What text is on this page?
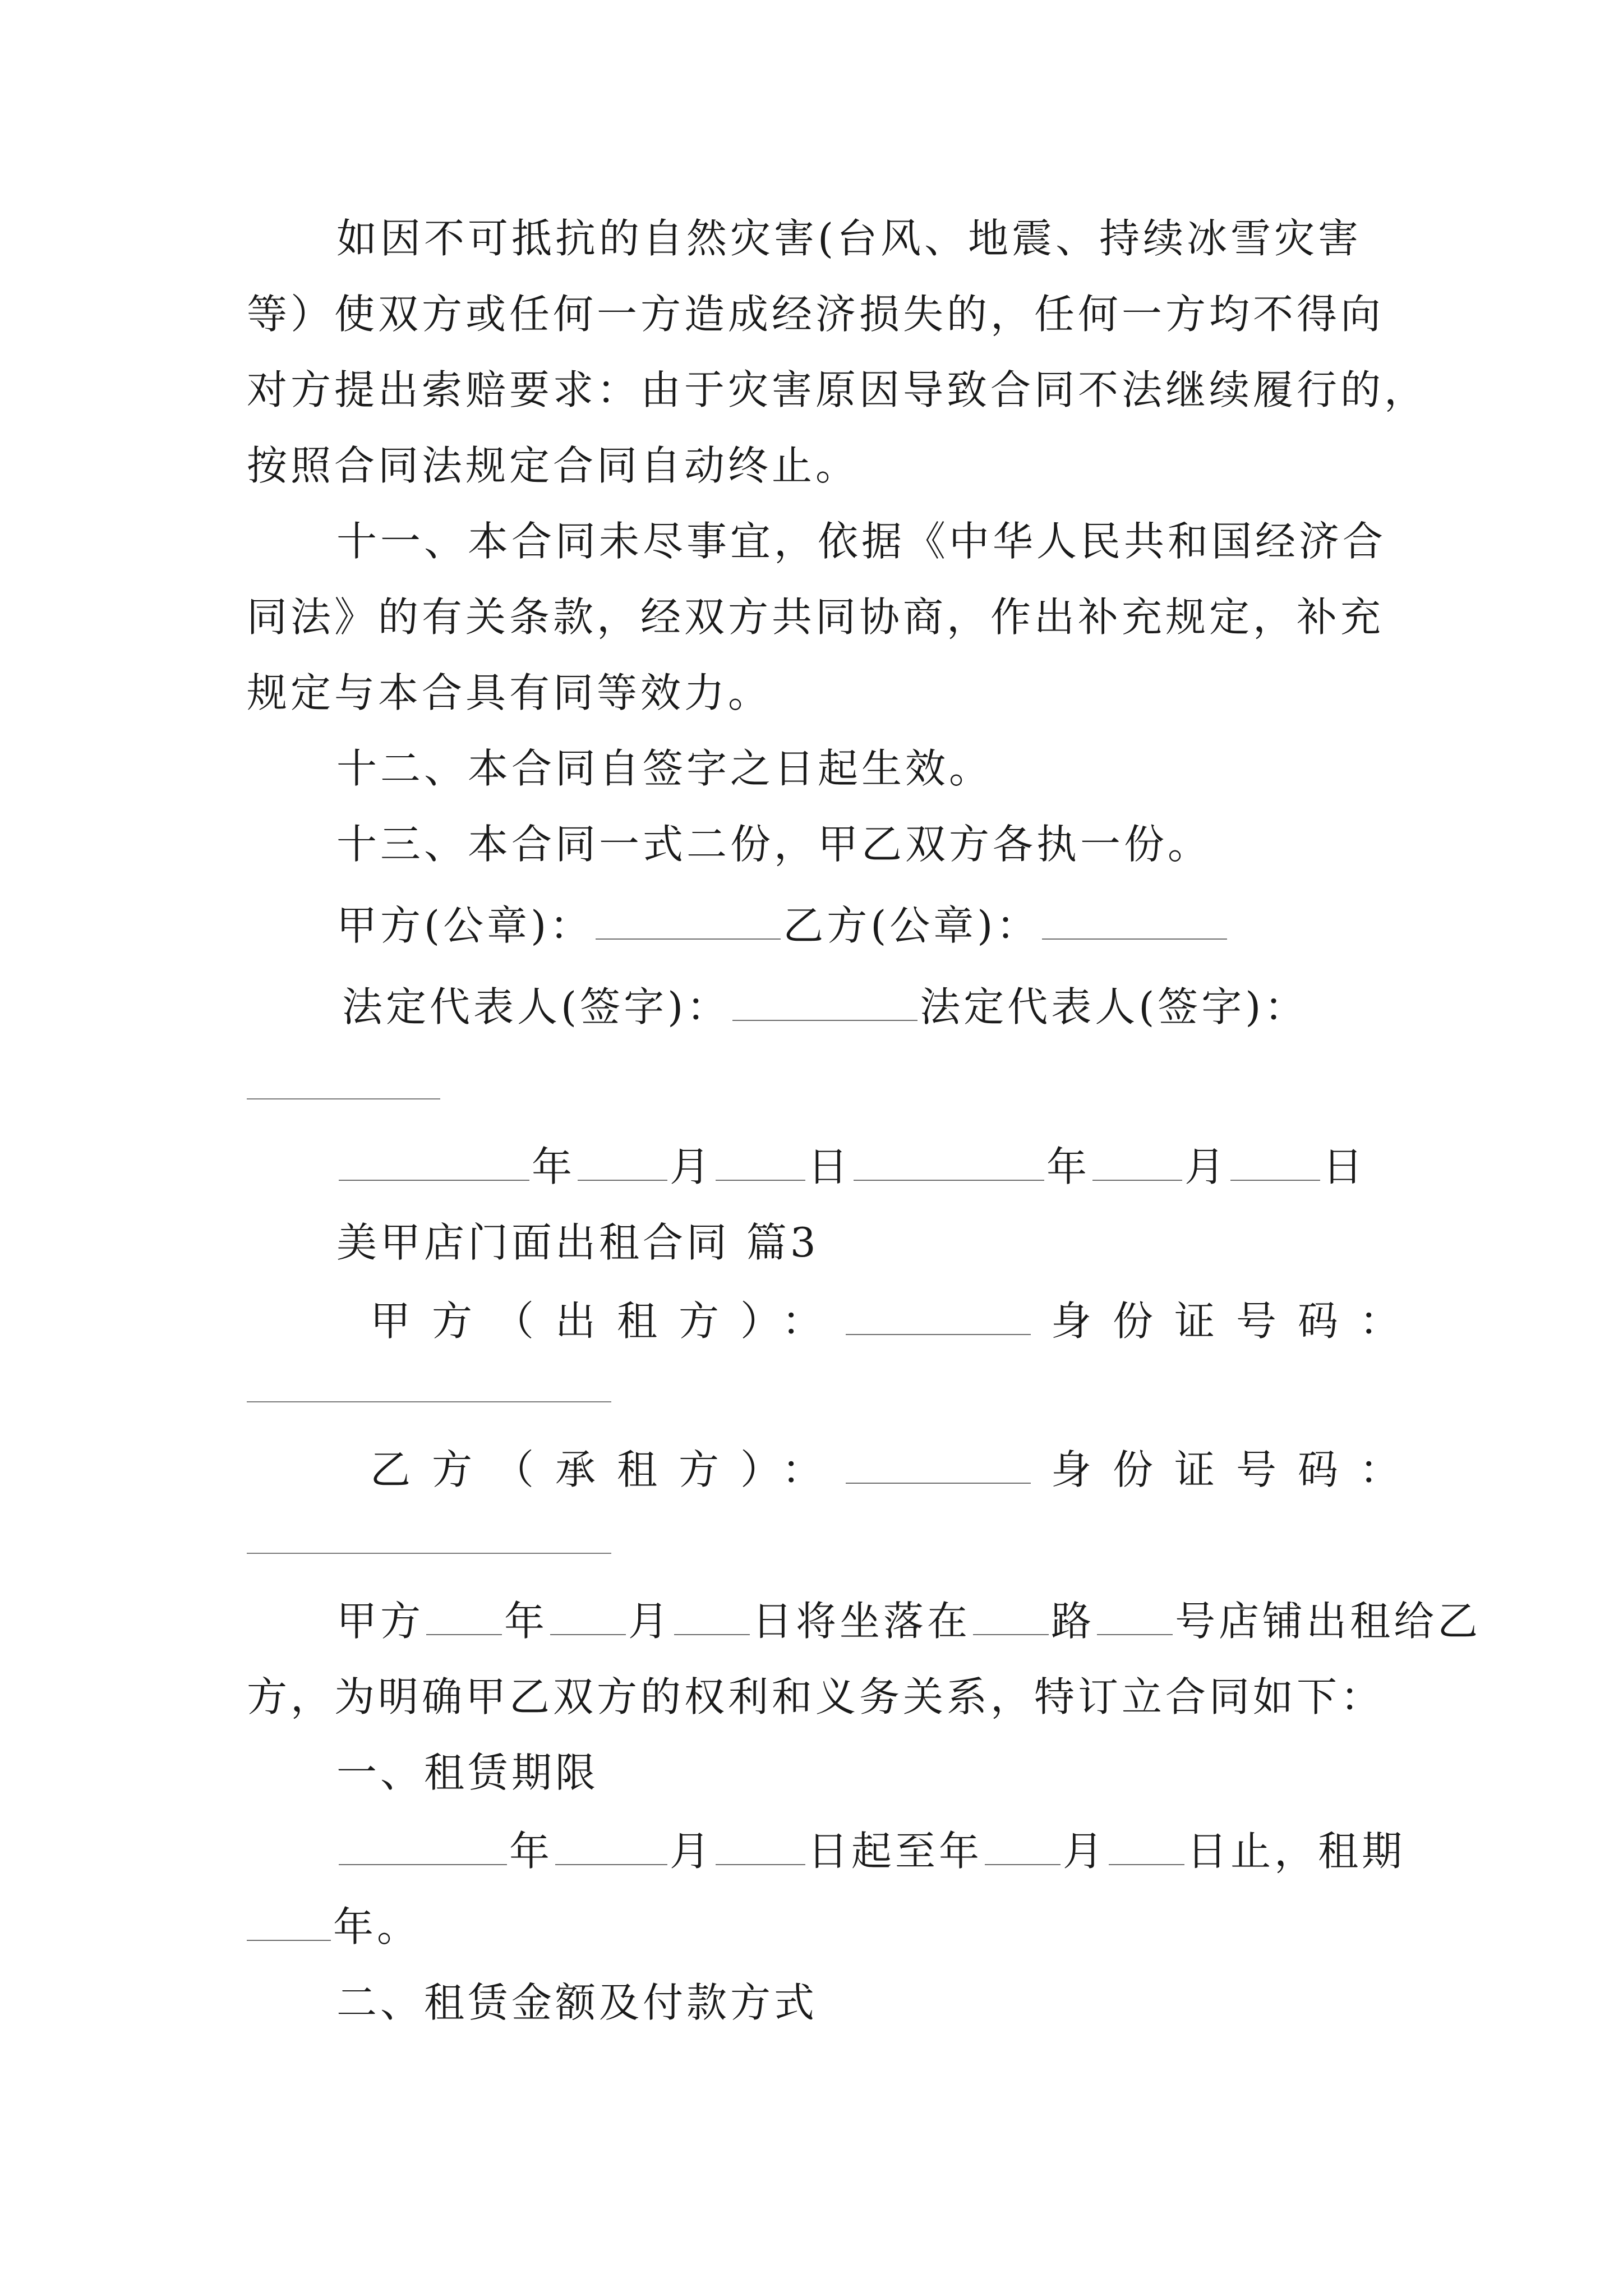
如因不可抵抗的自然灾害(台风、地震、持续冰雪灾害
等）使双方或任何一方造成经济损失的，任何一方均不得向
对方提出索赔要求：由于灾害原因导致合同不法继续履行的，
按照合同法规定合同自动终止。
十一、本合同未尽事宜，依据《中华人民共和国经济合
同法》的有关条款，经双方共同协商，作出补充规定，补充
规定与本合具有同等效力。
十二、本合同自签字之日起生效。
十三、本合同一式二份，甲乙双方各执一份。
甲方(公章)：	乙方(公章)：
法定代表人(签字)：	法定代表人(签字)：
年 月 日	年 月 日
美甲店门面出租合同 篇3
甲方（出租方）：	身份证号码：
乙方（承租方）：	身份证号码：
甲方 年 月 日将坐落在 路 号店铺出租给乙
方，为明确甲乙双方的权利和义务关系，特订立合同如下：
一、租赁期限
年	月 日起至年 月 日止，租期
年。
二、租赁金额及付款方式
